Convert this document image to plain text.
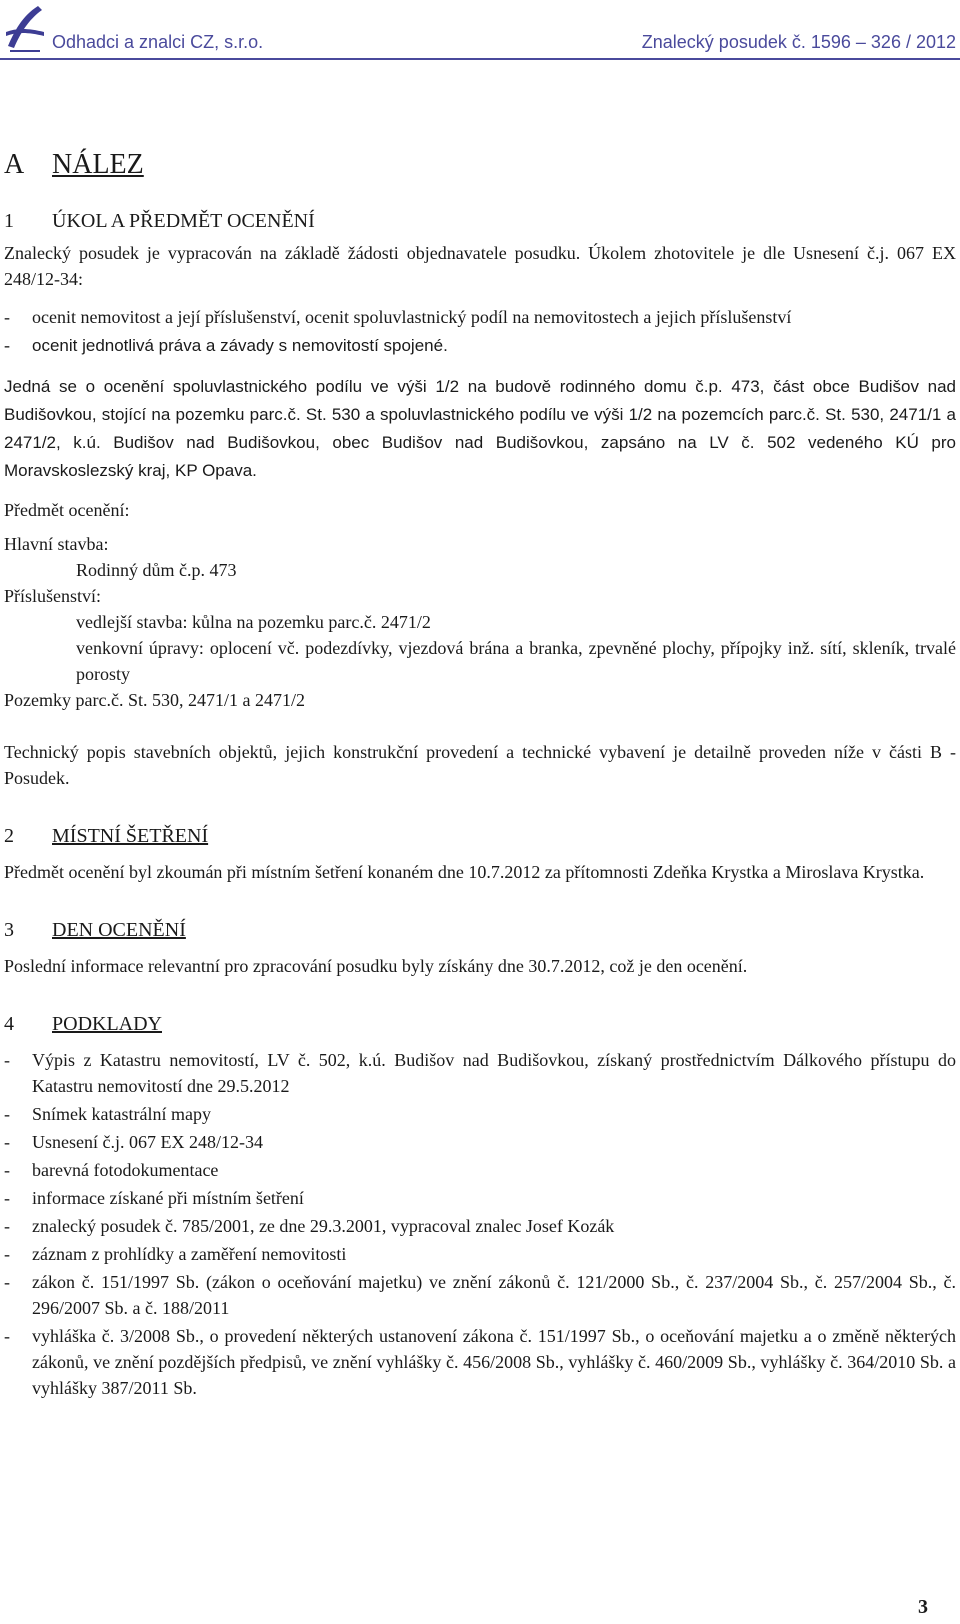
Odhadci a znalci CZ, s.r.o.	Znalecký posudek č. 1596 – 326 / 2012
A NÁLEZ
1 ÚKOL A PŘEDMĚT OCENĚNÍ

Znalecký posudek je vypracován na základě žádosti objednavatele posudku. Úkolem zhotovitele je dle Usnesení č.j. 067 EX 248/12-34:

- ocenit nemovitost a její příslušenství, ocenit spoluvlastnický podíl na nemovitostech a jejich příslušenství
- ocenit jednotlivá práva a závady s nemovitostí spojené.

Jedná se o ocenění spoluvlastnického podílu ve výši 1/2 na budově rodinného domu č.p. 473, část obce Budišov nad Budišovkou, stojící na pozemku parc.č. St. 530 a spoluvlastnického podílu ve výši 1/2 na pozemcích parc.č. St. 530, 2471/1 a 2471/2, k.ú. Budišov nad Budišovkou, obec Budišov nad Budišovkou, zapsáno na LV č. 502 vedeného KÚ pro Moravskoslezský kraj, KP Opava.

Předmět ocenění:
Hlavní stavba:
Rodinný dům č.p. 473
Příslušenství:
vedlejší stavba: kůlna na pozemku parc.č. 2471/2
venkovní úpravy: oplocení vč. podezdívky, vjezdová brána a branka, zpevněné plochy, přípojky inž. sítí, skleník, trvalé porosty
Pozemky parc.č. St. 530, 2471/1 a 2471/2

Technický popis stavebních objektů, jejich konstrukční provedení a technické vybavení je detailně proveden níže v části B - Posudek.

2 MÍSTNÍ ŠETŘENÍ

Předmět ocenění byl zkoumán při místním šetření konaném dne 10.7.2012 za přítomnosti Zdeňka Krystka a Miroslava Krystka.

3 DEN OCENĚNÍ

Poslední informace relevantní pro zpracování posudku byly získány dne 30.7.2012, což je den ocenění.

4 PODKLADY
- Výpis z Katastru nemovitostí, LV č. 502, k.ú. Budišov nad Budišovkou, získaný prostřednictvím Dálkového přístupu do Katastru nemovitostí dne 29.5.2012
- Snímek katastrální mapy
- Usnesení č.j. 067 EX 248/12-34
- barevná fotodokumentace
- informace získané při místním šetření
- znalecký posudek č. 785/2001, ze dne 29.3.2001, vypracoval znalec Josef Kozák
- záznam z prohlídky a zaměření nemovitosti
- zákon č. 151/1997 Sb. (zákon o oceňování majetku) ve znění zákonů č. 121/2000 Sb., č. 237/2004 Sb., č. 257/2004 Sb., č. 296/2007 Sb. a č. 188/2011
- vyhláška č. 3/2008 Sb., o provedení některých ustanovení zákona č. 151/1997 Sb., o oceňování majetku a o změně některých zákonů, ve znění pozdějších předpisů, ve znění vyhlášky č. 456/2008 Sb., vyhlášky č. 460/2009 Sb., vyhlášky č. 364/2010 Sb. a vyhlášky 387/2011 Sb.
3
